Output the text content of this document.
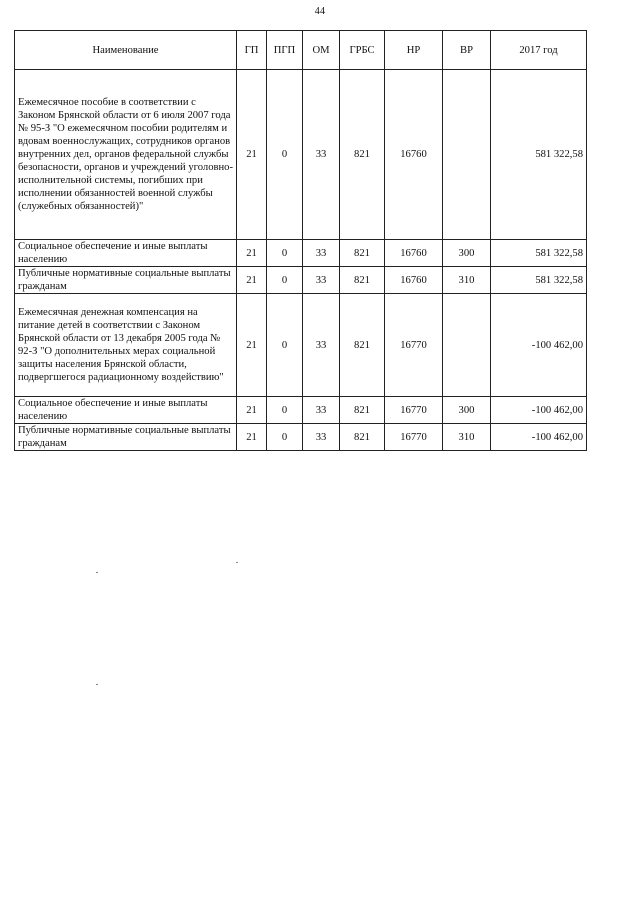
44
Наименование	ГП	ПГП	ОМ	ГРБС	НР	ВР	2017 год
Ежемесячное пособие в соответствии с Законом Брянской области от 6 июля 2007 года № 95-З "О ежемесячном пособии родителям и вдовам военнослужащих, сотрудников органов внутренних дел, органов федеральной службы безопасности, органов и учреждений уголовно-исполнительной системы, погибших при исполнении обязанностей военной службы (служебных обязанностей)"	21	0	33	821	16760		581 322,58
Социальное обеспечение и иные выплаты населению	21	0	33	821	16760	300	581 322,58
Публичные нормативные социальные выплаты гражданам	21	0	33	821	16760	310	581 322,58
Ежемесячная денежная компенсация на питание детей в соответствии с Законом Брянской области от 13 декабря 2005 года № 92-З "О дополнительных мерах социальной защиты населения Брянской области, подвергшегося радиационному воздействию"	21	0	33	821	16770		-100 462,00
Социальное обеспечение и иные выплаты населению	21	0	33	821	16770	300	-100 462,00
Публичные нормативные социальные выплаты гражданам	21	0	33	821	16770	310	-100 462,00
